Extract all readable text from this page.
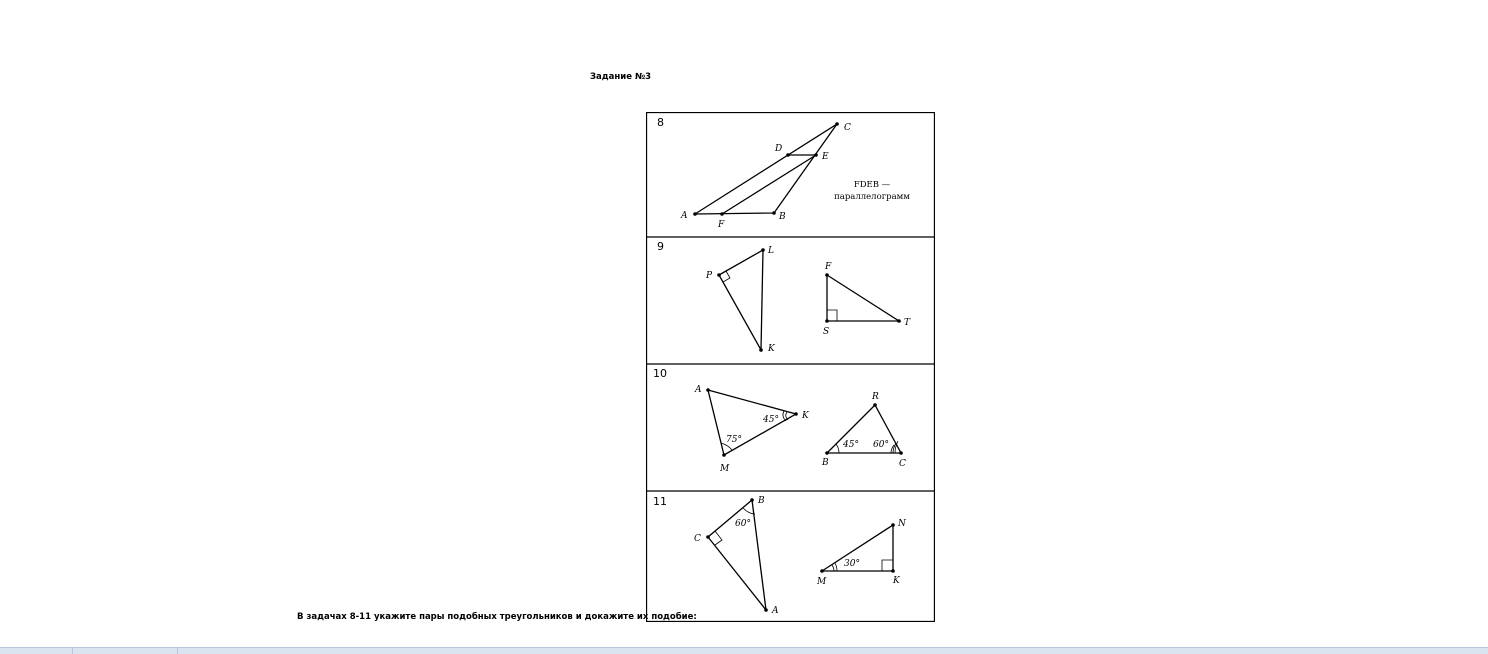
Задание №3
8
A	B
C
D
E
F
FDEB —
параллелограмм
9
P
L
K
F
S
T
10
A
K
M
45°
75°
R
B	C
45° 60°
11	B
C
A
60°	N
M	K
30°
В задачах 8-11 укажите пары подобных треугольников и докажите их подобие:
